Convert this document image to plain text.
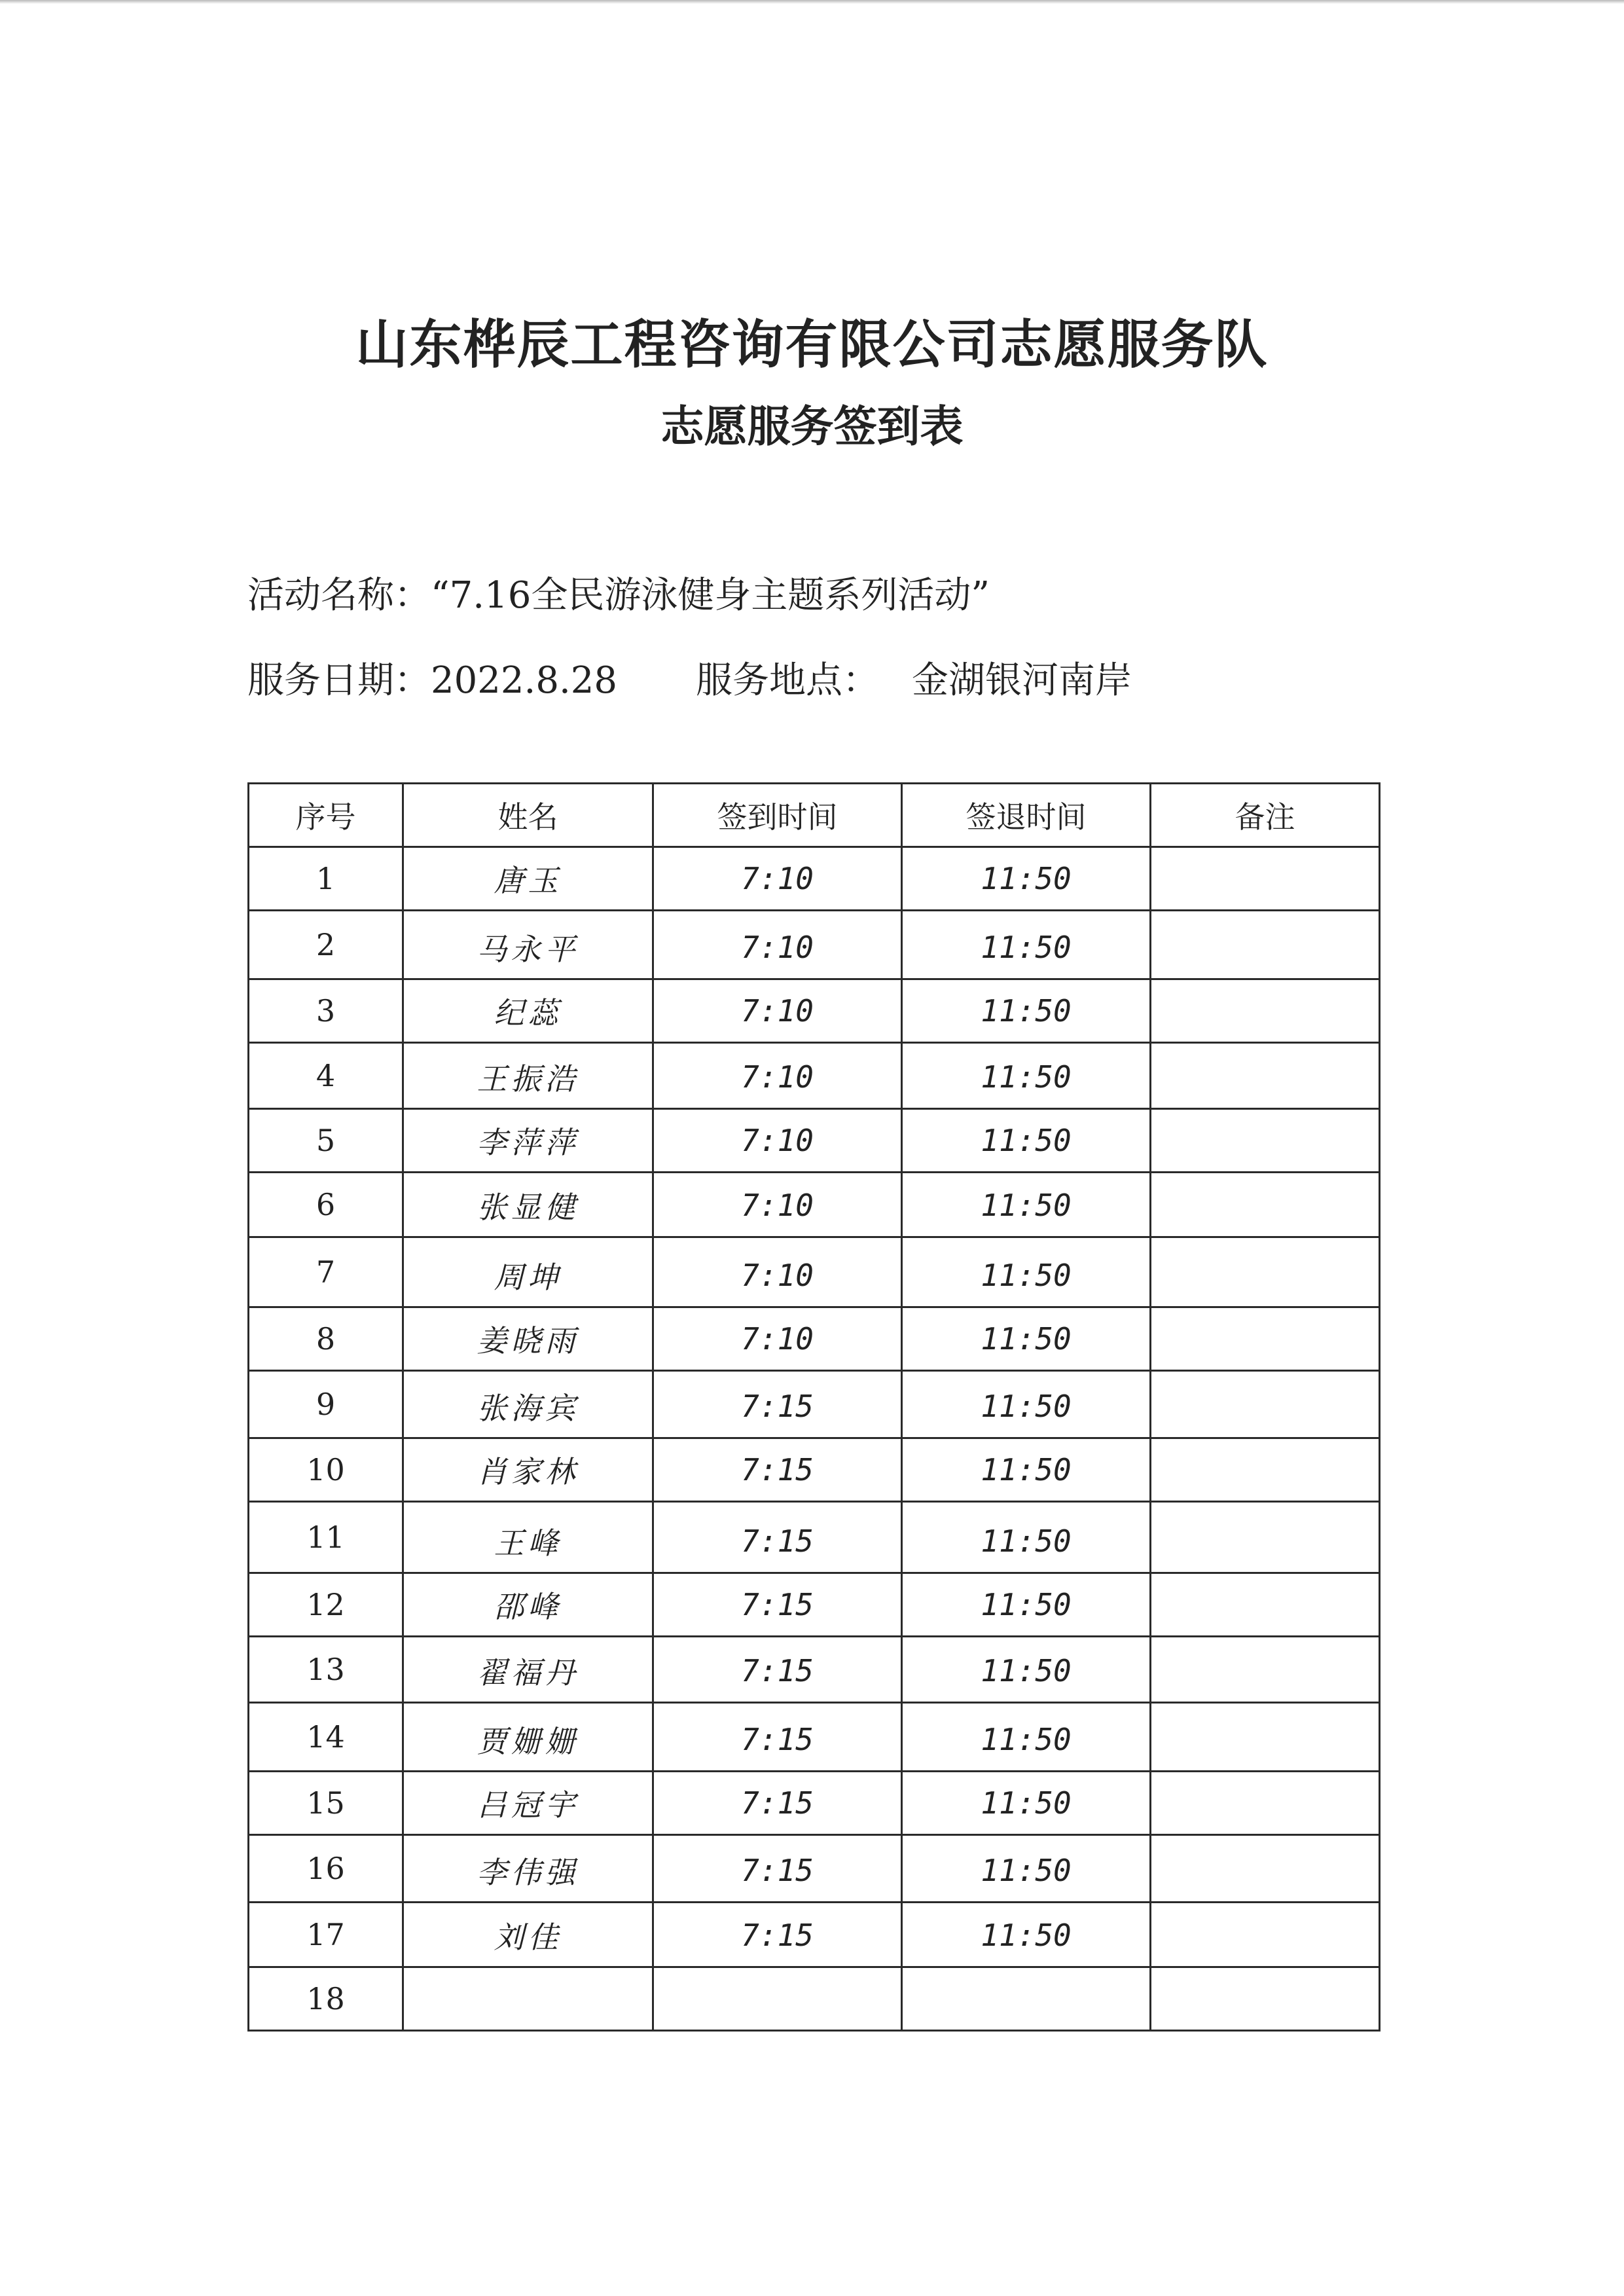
山东桦辰工程咨询有限公司志愿服务队
志愿服务签到表
活动名称：“7.16全民游泳健身主题系列活动”
服务日期：2022.8.28 服务地点： 金湖银河南岸
序号	姓名	签到时间	签退时间	备注
1	唐玉	7:10	11:50	
2	马永平	7:10	11:50	
3	纪蕊	7:10	11:50	
4	王振浩	7:10	11:50	
5	李萍萍	7:10	11:50	
6	张显健	7:10	11:50	
7	周坤	7:10	11:50	
8	姜晓雨	7:10	11:50	
9	张海宾	7:15	11:50	
10	肖家林	7:15	11:50	
11	王峰	7:15	11:50	
12	邵峰	7:15	11:50	
13	翟福丹	7:15	11:50	
14	贾姗姗	7:15	11:50	
15	吕冠宇	7:15	11:50	
16	李伟强	7:15	11:50	
17	刘佳	7:15	11:50	
18				
